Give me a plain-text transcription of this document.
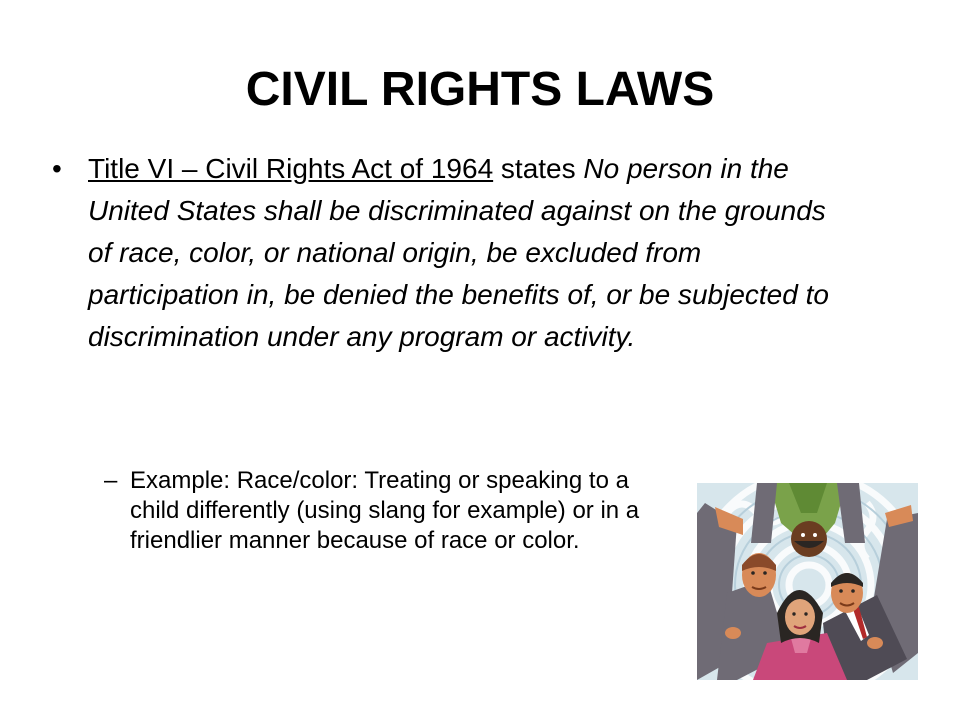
CIVIL RIGHTS LAWS
• Title VI – Civil Rights Act of 1964 states No person in the United States shall be discriminated against on the grounds of race, color, or national origin, be excluded from participation in, be denied the benefits of, or be subjected to discrimination under any program or activity.
– Example: Race/color: Treating or speaking to a child differently (using slang for example) or in a friendlier manner because of race or color.
